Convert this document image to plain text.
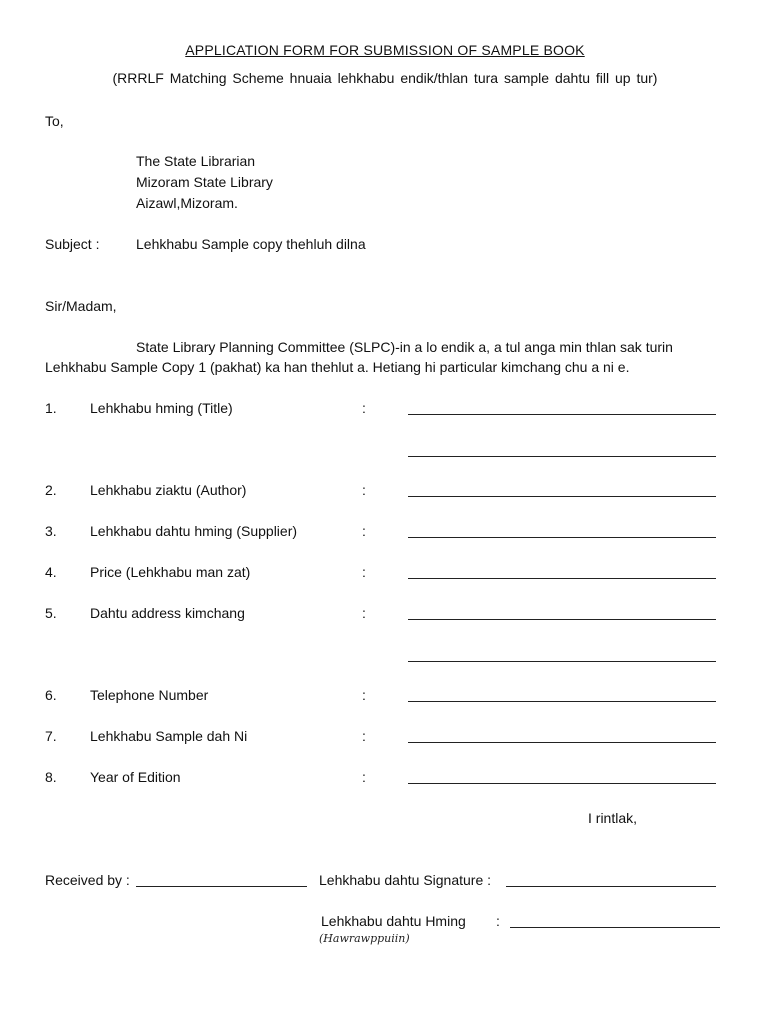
APPLICATION FORM FOR SUBMISSION OF SAMPLE BOOK
(RRRLF Matching Scheme hnuaia lehkhabu endik/thlan tura sample dahtu fill up tur)
To,
The State Librarian
Mizoram State Library
Aizawl,Mizoram.
Subject :	Lehkhabu Sample copy thehluh dilna
Sir/Madam,
State Library Planning Committee (SLPC)-in a lo endik a, a tul anga min thlan sak turin
Lehkhabu Sample Copy 1 (pakhat) ka han thehlut a. Hetiang hi particular kimchang chu a ni e.
1. Lehkhabu hming (Title)	:
2. Lehkhabu ziaktu (Author)	:
3. Lehkhabu dahtu hming (Supplier)	:
4. Price (Lehkhabu man zat)	:
5. Dahtu address kimchang	:
6. Telephone Number	:
7. Lehkhabu Sample dah Ni	:
8. Year of Edition	:
I rintlak,
Received by :	Lehkhabu dahtu Signature :
Lehkhabu dahtu Hming :
(Hawrawppuiin)
